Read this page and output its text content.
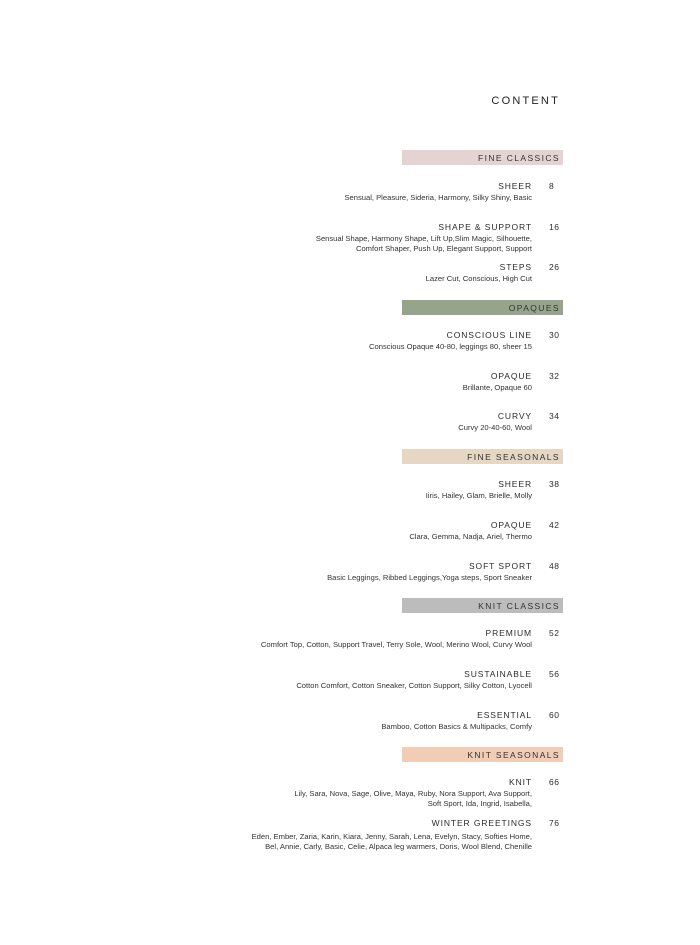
CONTENT
FINE CLASSICS
SHEER 8
Sensual, Pleasure, Sideria, Harmony, Silky Shiny, Basic
SHAPE & SUPPORT 16
Sensual Shape, Harmony Shape, Lift Up,Slim Magic, Silhouette,
Comfort Shaper, Push Up, Elegant Support, Support
STEPS 26
Lazer Cut, Conscious, High Cut
OPAQUES
CONSCIOUS LINE 30
Conscious Opaque 40-80, leggings 80, sheer 15
OPAQUE 32
Brillante, Opaque 60
CURVY 34
Curvy 20-40-60, Wool
FINE SEASONALS
SHEER 38
Iiris, Hailey, Glam, Brielle, Molly
OPAQUE 42
Clara, Gemma, Nadja, Ariel, Thermo
SOFT SPORT 48
Basic Leggings, Ribbed Leggings,Yoga steps, Sport Sneaker
KNIT CLASSICS
PREMIUM 52
Comfort Top, Cotton, Support Travel, Terry Sole, Wool, Merino Wool, Curvy Wool
SUSTAINABLE 56
Cotton Comfort, Cotton Sneaker, Cotton Support, Silky Cotton, Lyocell
ESSENTIAL 60
Bamboo, Cotton Basics & Multipacks, Comfy
KNIT SEASONALS
KNIT 66
Lily, Sara, Nova, Sage, Olive, Maya, Ruby, Nora Support, Ava Support,
Soft Sport, Ida, Ingrid, Isabella,
WINTER GREETINGS 76
Eden, Ember, Zaria, Karin, Kiara, Jenny, Sarah, Lena, Evelyn, Stacy, Softies Home,
Bel, Annie, Carly, Basic, Celie, Alpaca leg warmers, Doris, Wool Blend, Chenille
